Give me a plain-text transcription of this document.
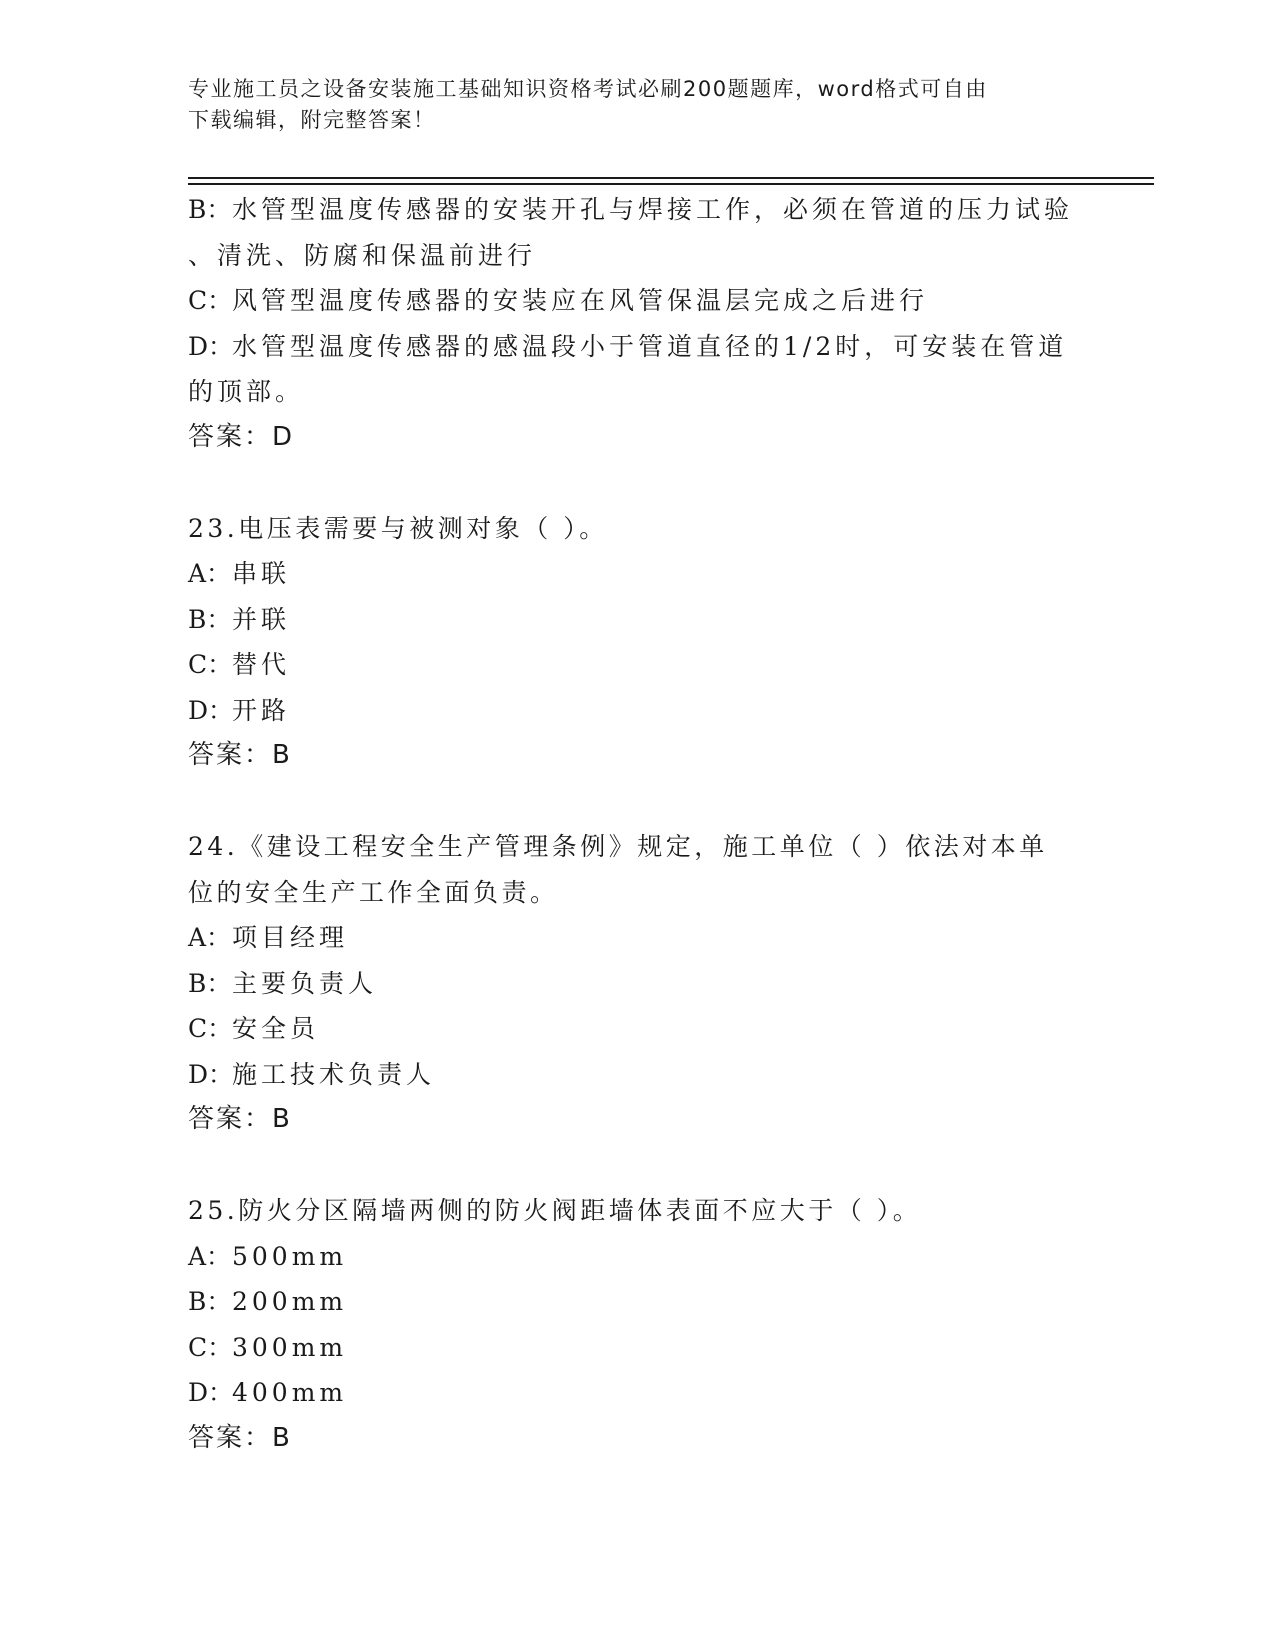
专业施工员之设备安装施工基础知识资格考试必刷200题题库，word格式可自由
下载编辑，附完整答案！
B： 水管型温度传感器的安装开孔与焊接工作，必须在管道的压力试验
、清洗、防腐和保温前进行
C： 风管型温度传感器的安装应在风管保温层完成之后进行
D：
水管型温度传感器的感温段小于管道直径的1/2时，可安装在管道
的顶部。
答案：D
23.电压表需要与被测对象（ ）。
A： 串联
B： 并联
C： 替代
D：
开路
答案：B
24.《建设工程安全生产管理条例》规定，施工单位（ ）依法对本单
位的安全生产工作全面负责。
A： 项目经理
B： 主要负责人
C： 安全员
D：
施工技术负责人
答案：B
25.防火分区隔墙两侧的防火阀距墙体表面不应大于（ ）。
A： 500mm
B： 200mm
C： 300mm
D：
400mm
答案：B
